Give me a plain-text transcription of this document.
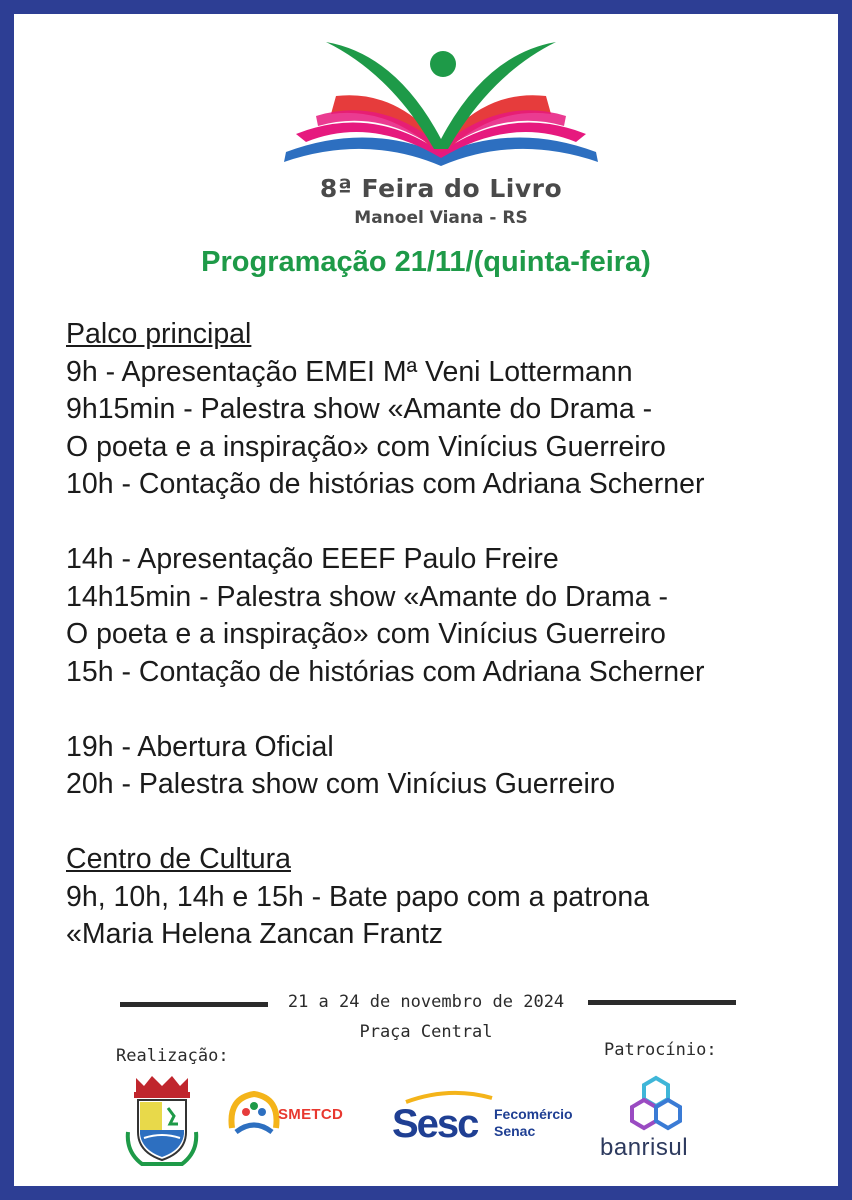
8ª Feira do Livro
Manoel Viana - RS
Programação 21/11/(quinta-feira)
Palco principal
9h - Apresentação EMEI Mª Veni Lottermann
9h15min - Palestra show «Amante do Drama -
O poeta e a inspiração» com Vinícius Guerreiro
10h - Contação de histórias com Adriana Scherner
14h - Apresentação EEEF Paulo Freire
14h15min - Palestra show «Amante do Drama -
O poeta e a inspiração» com Vinícius Guerreiro
15h - Contação de histórias com Adriana Scherner
19h - Abertura Oficial
20h - Palestra show com Vinícius Guerreiro
Centro de Cultura
9h, 10h, 14h e 15h - Bate papo com a patrona
«Maria Helena Zancan Frantz
21 a 24 de novembro de 2024
Praça Central
Realização:	Patrocínio:
SMETCD Sesc Fecomércio
Senac
banrisul
